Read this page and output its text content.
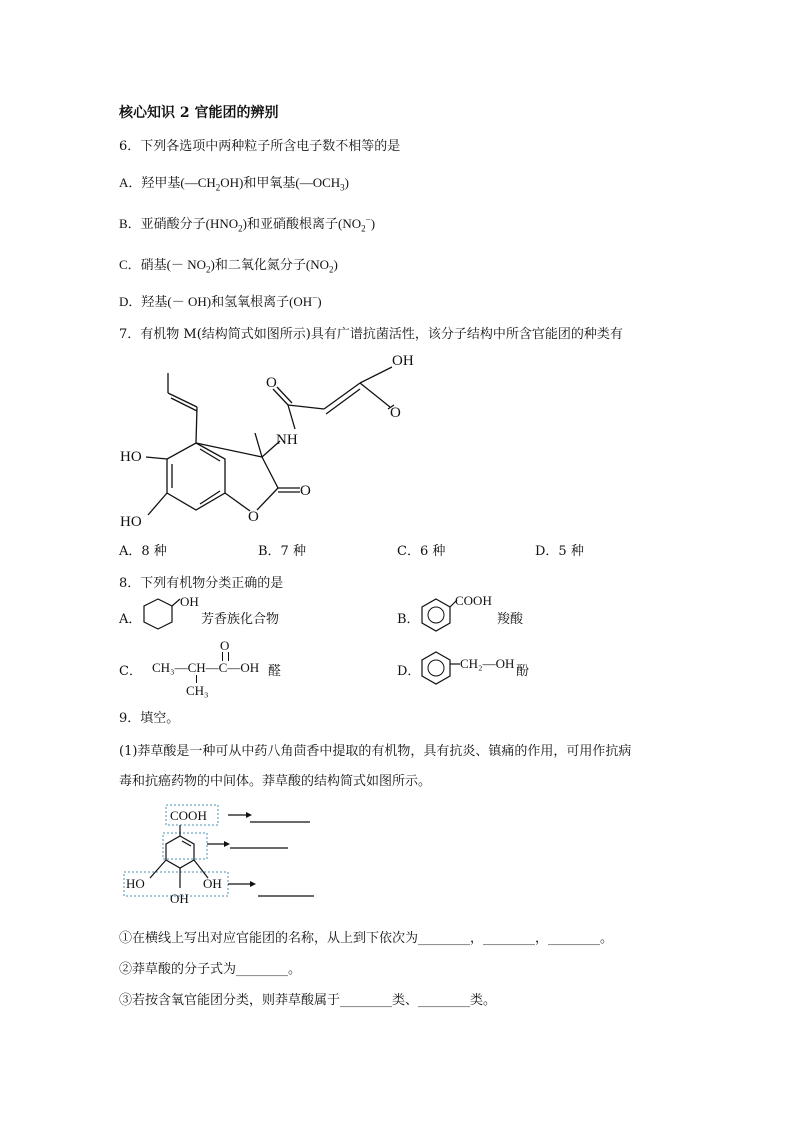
核心知识 2 官能团的辨别
6．下列各选项中两种粒子所含电子数不相等的是
A．羟甲基$(—CH_2OH)$和甲氧基$(—OCH_3)$
B．亚硝酸分子$(HNO_2)$和亚硝酸根离子$(NO_2^-)$
C．硝基(－ $NO_2$)和二氧化氮分子$(NO_2)$
D．羟基(－ OH)和氢氧根离子(OH−)
7．有机物 M(结构简式如图所示)具有广谱抗菌活性，该分子结构中所含官能团的种类有
OH
O
O
NH
O
O
HO
HO
A．8 种	B．7 种	C．6 种	D．5 种
8．下列有机物分类正确的是
A．
OH
芳香族化合物	B．
COOH
羧酸
C． CH₃—CH—C—OH
O
CH₃
醛	D．
CH₂—OH
酚
9．填空。
(1)莽草酸是一种可从中药八角茴香中提取的有机物，具有抗炎、镇痛的作用，可用作抗病
毒和抗癌药物的中间体。莽草酸的结构简式如图所示。
COOH
HO	OH
OH
①在横线上写出对应官能团的名称，从上到下依次为________，________，________。
②莽草酸的分子式为________。
③若按含氧官能团分类，则莽草酸属于________类、________类。
